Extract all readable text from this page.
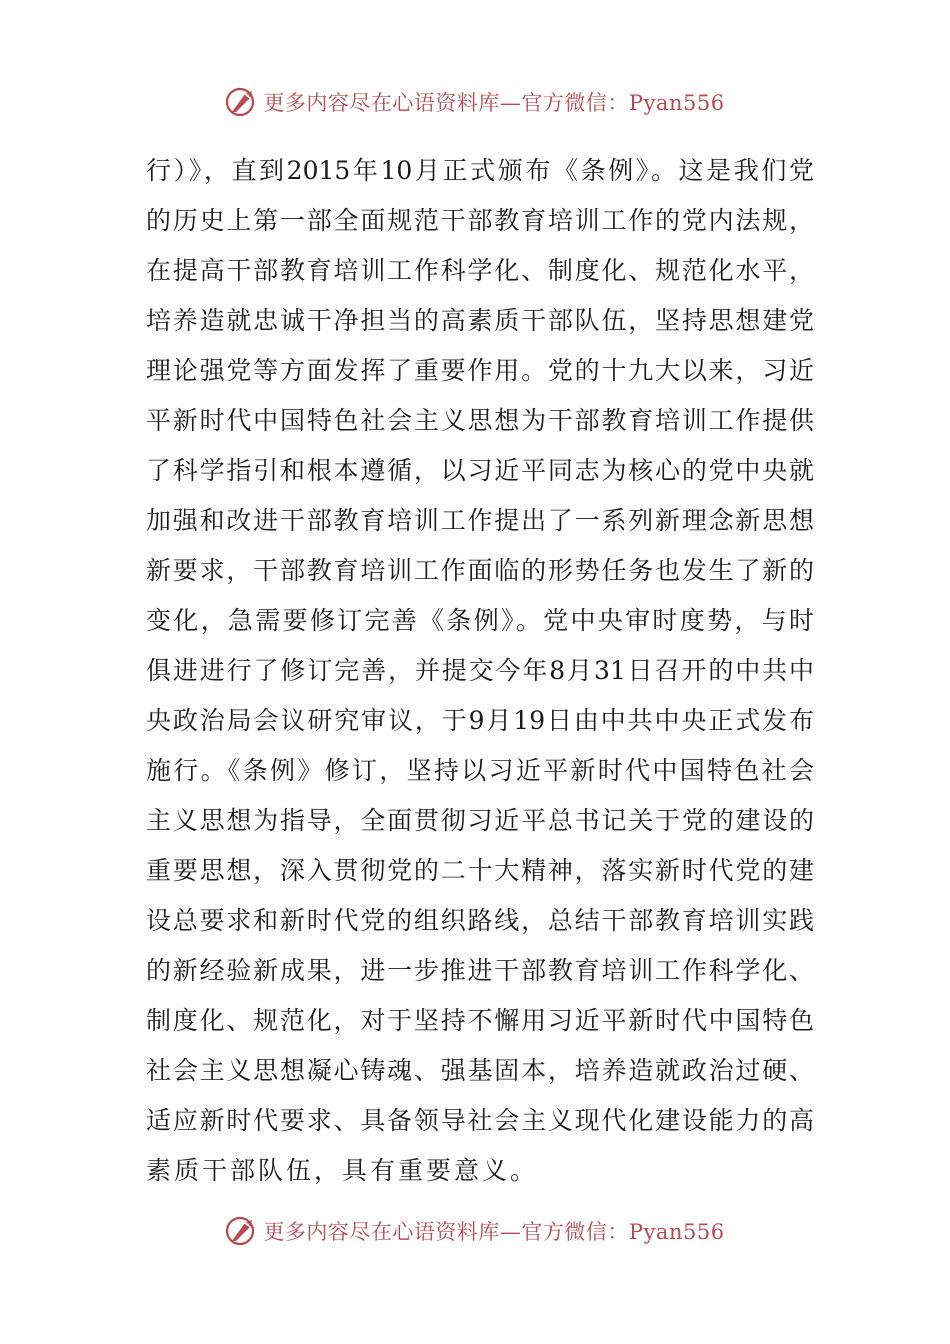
更多内容尽在心语资料库—官方微信：Pyan556
行）》，直到2015年10月正式颁布《条例》。这是我们党
的历史上第一部全面规范干部教育培训工作的党内法规，
在提高干部教育培训工作科学化、制度化、规范化水平，
培养造就忠诚干净担当的高素质干部队伍，坚持思想建党
理论强党等方面发挥了重要作用。党的十九大以来，习近
平新时代中国特色社会主义思想为干部教育培训工作提供
了科学指引和根本遵循，以习近平同志为核心的党中央就
加强和改进干部教育培训工作提出了一系列新理念新思想
新要求，干部教育培训工作面临的形势任务也发生了新的
变化，急需要修订完善《条例》。党中央审时度势，与时
俱进进行了修订完善，并提交今年8月31日召开的中共中
央政治局会议研究审议，于9月19日由中共中央正式发布
施行。《条例》修订，坚持以习近平新时代中国特色社会
主义思想为指导，全面贯彻习近平总书记关于党的建设的
重要思想，深入贯彻党的二十大精神，落实新时代党的建
设总要求和新时代党的组织路线，总结干部教育培训实践
的新经验新成果，进一步推进干部教育培训工作科学化、
制度化、规范化，对于坚持不懈用习近平新时代中国特色
社会主义思想凝心铸魂、强基固本，培养造就政治过硬、
适应新时代要求、具备领导社会主义现代化建设能力的高
素质干部队伍，具有重要意义。
更多内容尽在心语资料库—官方微信：Pyan556
